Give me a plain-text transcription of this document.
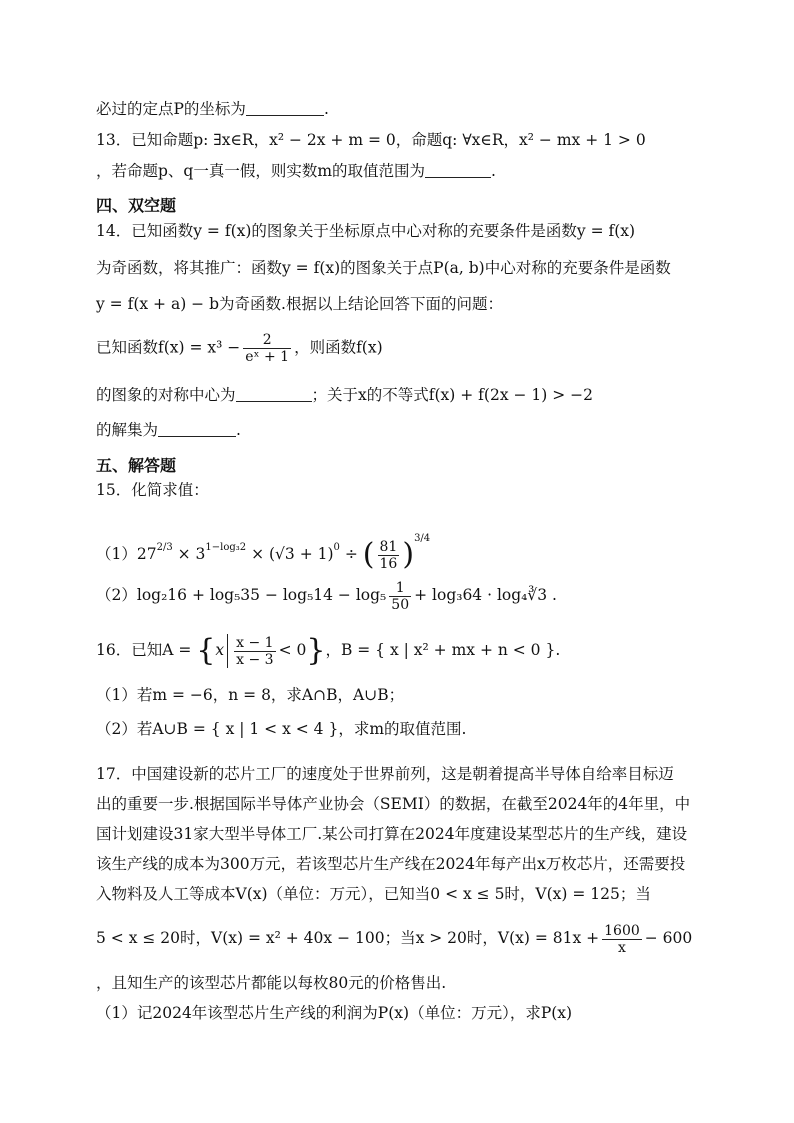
必过的定点P的坐标为	.
13．已知命题p: ∃x∈R，x² − 2x + m = 0，命题q: ∀x∈R，x² − mx + 1 > 0
，若命题p、q一真一假，则实数m的取值范围为	.
四、双空题
14．已知函数y = f(x)的图象关于坐标原点中心对称的充要条件是函数y = f(x)
为奇函数，将其推广：函数y = f(x)的图象关于点P(a, b)中心对称的充要条件是函数
y = f(x + a) − b为奇函数.根据以上结论回答下面的问题：
已知函数$f(x) = x^3 - \frac{2}{\text{eˣ + 1}}$ ，则函数f(x)
的图象的对称中心为	；关于x的不等式f(x) + f(2x − 1) > −2
的解集为	.
五、解答题
15．化简求值：
$(1)27^{2/3} \times 3^{1-log_32} \times (√3 + 1)^0$ ÷ ( $\frac{81}{16} )^{3/4}$
$(2)\log_216 + \log_535 - \log_514 - \log_5 \frac{1}{50} + \log_364$ · log₄∛3 .
16．已知$A = \{x \frac{x - 1}{x - 3} < 0\}$，B = { x | x² + mx + n < 0 }.
（1）若m = −6，n = 8，求A∩B，A∪B；
（2）若A∪B = { x | 1 < x < 4 }，求m的取值范围.
17．中国建设新的芯片工厂的速度处于世界前列，这是朝着提高半导体自给率目标迈
出的重要一步.根据国际半导体产业协会（SEMI）的数据，在截至2024年的4年里，中
国计划建设31家大型半导体工厂.某公司打算在2024年度建设某型芯片的生产线，建设
该生产线的成本为300万元，若该型芯片生产线在2024年每产出x万枚芯片，还需要投
入物料及人工等成本V(x)（单位：万元），已知当0 < x ≤ 5时，V(x) = 125；当
5 < x ≤ 20时，V(x) = x² + 40x − 100；当x > 20时，$V(x) = 81x + \frac{1600}{x} - 600$
，且知生产的该型芯片都能以每枚80元的价格售出.
（1）记2024年该型芯片生产线的利润为P(x)（单位：万元），求P(x)
